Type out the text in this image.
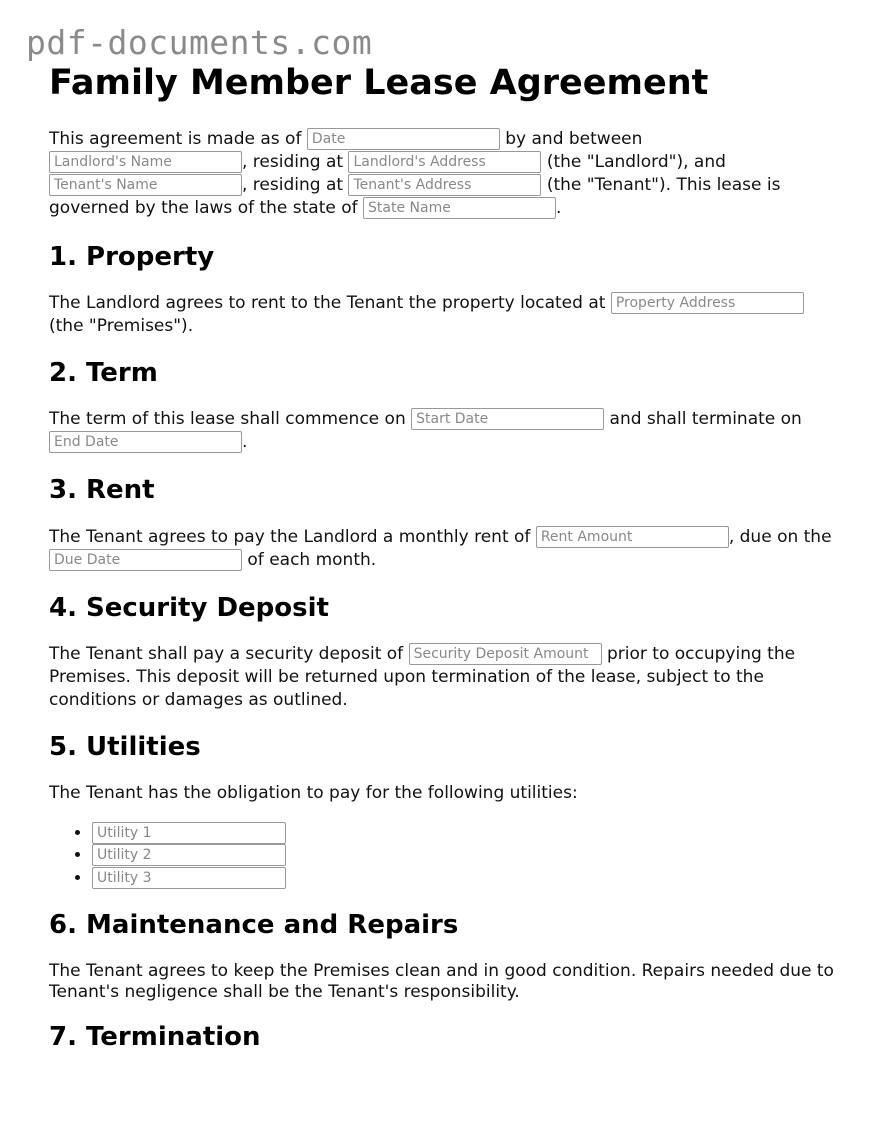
pdf-documents.com
Family Member Lease Agreement

This agreement is made as of Date	by and between Landlord's Name, residing at Landlord's Address	(the "Landlord"), and Tenant's Name, residing at Tenant's Address	(the "Tenant"). This lease is governed by the laws of the state of State Name	.

1. Property

The Landlord agrees to rent to the Tenant the property located at Property Address (the "Premises").

2. Term

The term of this lease shall commence on Start Date	and shall terminate on End Date.

3. Rent

The Tenant agrees to pay the Landlord a monthly rent of Rent Amount	, due on the Due Date of each month.

4. Security Deposit

The Tenant shall pay a security deposit of Security Deposit Amount	prior to occupying the Premises. This deposit will be returned upon termination of the lease, subject to the conditions or damages as outlined.

5. Utilities

The Tenant has the obligation to pay for the following utilities:

• Utility 1
• Utility 2
• Utility 3
6. Maintenance and Repairs

The Tenant agrees to keep the Premises clean and in good condition. Repairs needed due to Tenant's negligence shall be the Tenant's responsibility.

7. Termination
